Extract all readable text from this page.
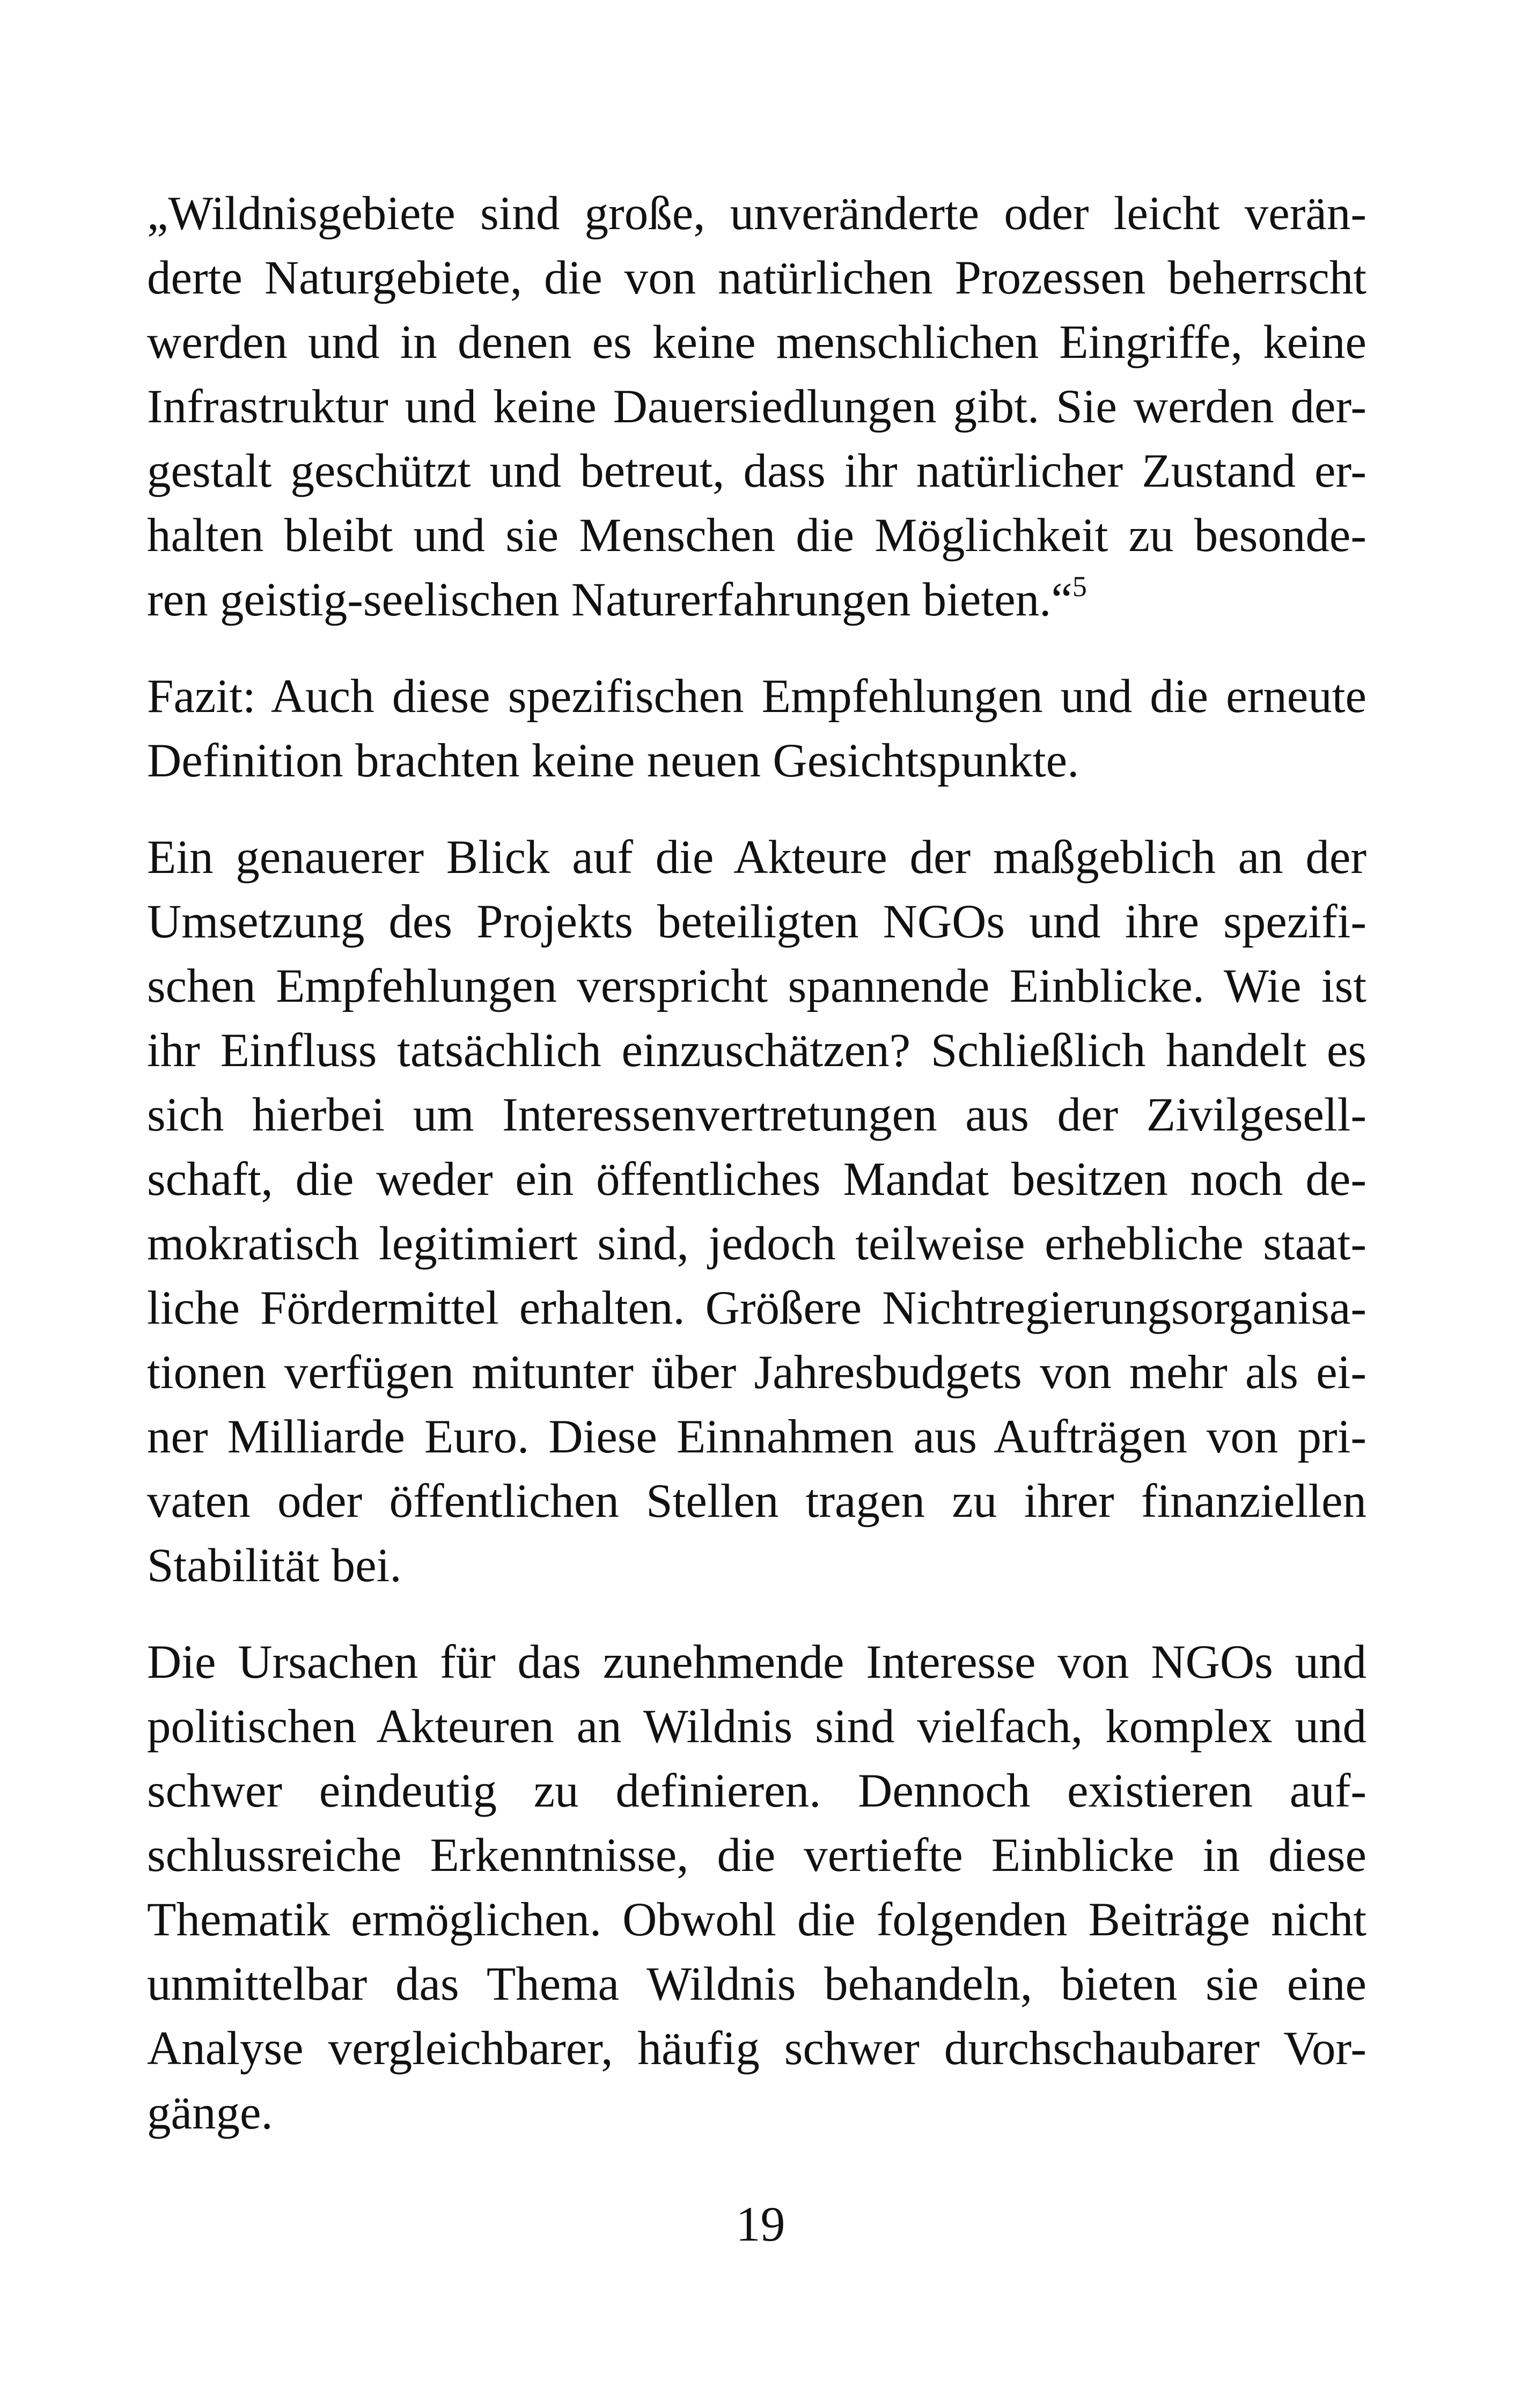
„Wildnisgebiete sind große, unveränderte oder leicht verän-
derte Naturgebiete, die von natürlichen Prozessen beherrscht
werden und in denen es keine menschlichen Eingriffe, keine
Infrastruktur und keine Dauersiedlungen gibt. Sie werden der-
gestalt geschützt und betreut, dass ihr natürlicher Zustand er-
halten bleibt und sie Menschen die Möglichkeit zu besonde-
ren geistig-seelischen Naturerfahrungen bieten.“$^5$

Fazit: Auch diese spezifischen Empfehlungen und die erneute
Definition brachten keine neuen Gesichtspunkte.

Ein genauerer Blick auf die Akteure der maßgeblich an der
Umsetzung des Projekts beteiligten NGOs und ihre spezifi-
schen Empfehlungen verspricht spannende Einblicke. Wie ist
ihr Einfluss tatsächlich einzuschätzen? Schließlich handelt es
sich hierbei um Interessenvertretungen aus der Zivilgesell-
schaft, die weder ein öffentliches Mandat besitzen noch de-
mokratisch legitimiert sind, jedoch teilweise erhebliche staat-
liche Fördermittel erhalten. Größere Nichtregierungsorganisa-
tionen verfügen mitunter über Jahresbudgets von mehr als ei-
ner Milliarde Euro. Diese Einnahmen aus Aufträgen von pri-
vaten oder öffentlichen Stellen tragen zu ihrer finanziellen
Stabilität bei.

Die Ursachen für das zunehmende Interesse von NGOs und
politischen Akteuren an Wildnis sind vielfach, komplex und
schwer eindeutig zu definieren. Dennoch existieren auf-
schlussreiche Erkenntnisse, die vertiefte Einblicke in diese
Thematik ermöglichen. Obwohl die folgenden Beiträge nicht
unmittelbar das Thema Wildnis behandeln, bieten sie eine
Analyse vergleichbarer, häufig schwer durchschaubarer Vor-
gänge.

19
